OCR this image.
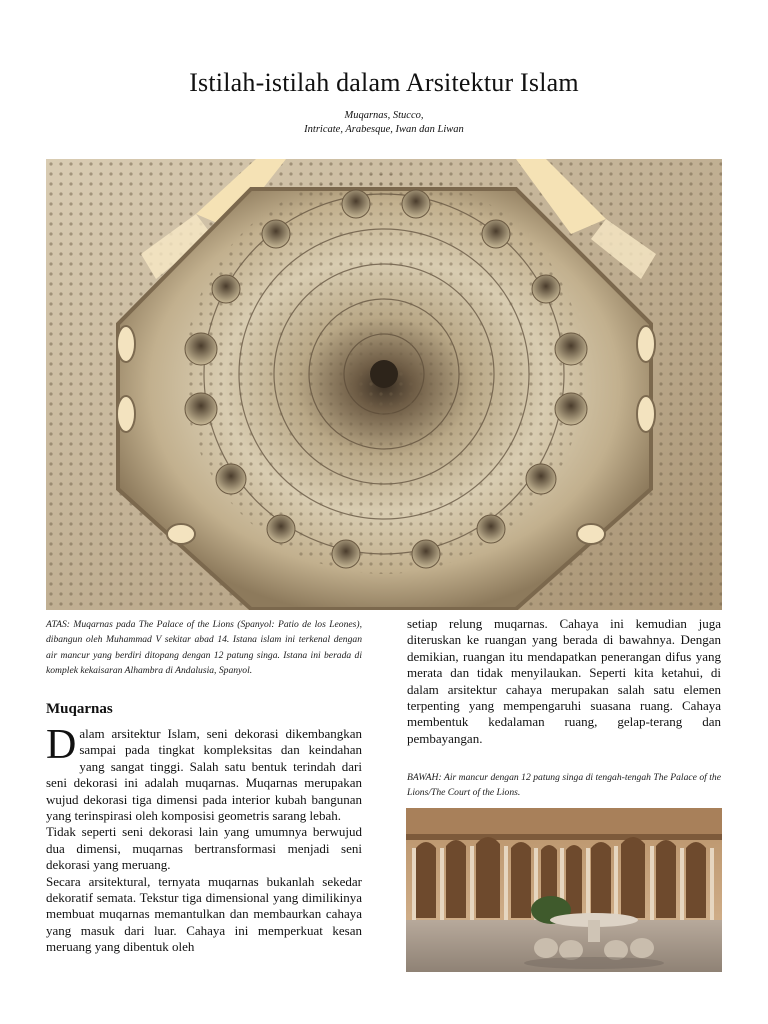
Istilah-istilah dalam Arsitektur Islam
Muqarnas, Stucco,
Intricate, Arabesque, Iwan dan Liwan
ATAS: Muqarnas pada The Palace of the Lions (Spanyol: Patio de los Leones), dibangun oleh Muhammad V sekitar abad 14. Istana islam ini terkenal dengan air mancur yang berdiri ditopang dengan 12 patung singa. Istana ini berada di komplek kekaisaran Alhambra di Andalusia, Spanyol.
Muqarnas

Dalam arsitektur Islam, seni dekorasi dikembangkan sampai pada tingkat kompleksitas dan keindahan yang sangat tinggi. Salah satu bentuk terindah dari seni dekorasi ini adalah muqarnas. Muqarnas merupakan wujud dekorasi tiga dimensi pada interior kubah bangunan yang terinspirasi oleh komposisi geometris sarang lebah.

Tidak seperti seni dekorasi lain yang umumnya berwujud dua dimensi, muqarnas bertransformasi menjadi seni dekorasi yang meruang.

Secara arsitektural, ternyata muqarnas bukanlah sekedar dekoratif semata. Tekstur tiga dimensional yang dimilikinya membuat muqarnas memantulkan dan membaurkan cahaya yang masuk dari luar. Cahaya ini memperkuat kesan meruang yang dibentuk oleh

setiap relung muqarnas. Cahaya ini kemudian juga diteruskan ke ruangan yang berada di bawahnya. Dengan demikian, ruangan itu mendapatkan penerangan difus yang merata dan tidak menyilaukan. Seperti kita ketahui, di dalam arsitektur cahaya merupakan salah satu elemen terpenting yang mempengaruhi suasana ruang. Cahaya membentuk kedalaman ruang, gelap-terang dan pembayangan.

BAWAH: Air mancur dengan 12 patung singa di tengah-tengah The Palace of the Lions/The Court of the Lions.
